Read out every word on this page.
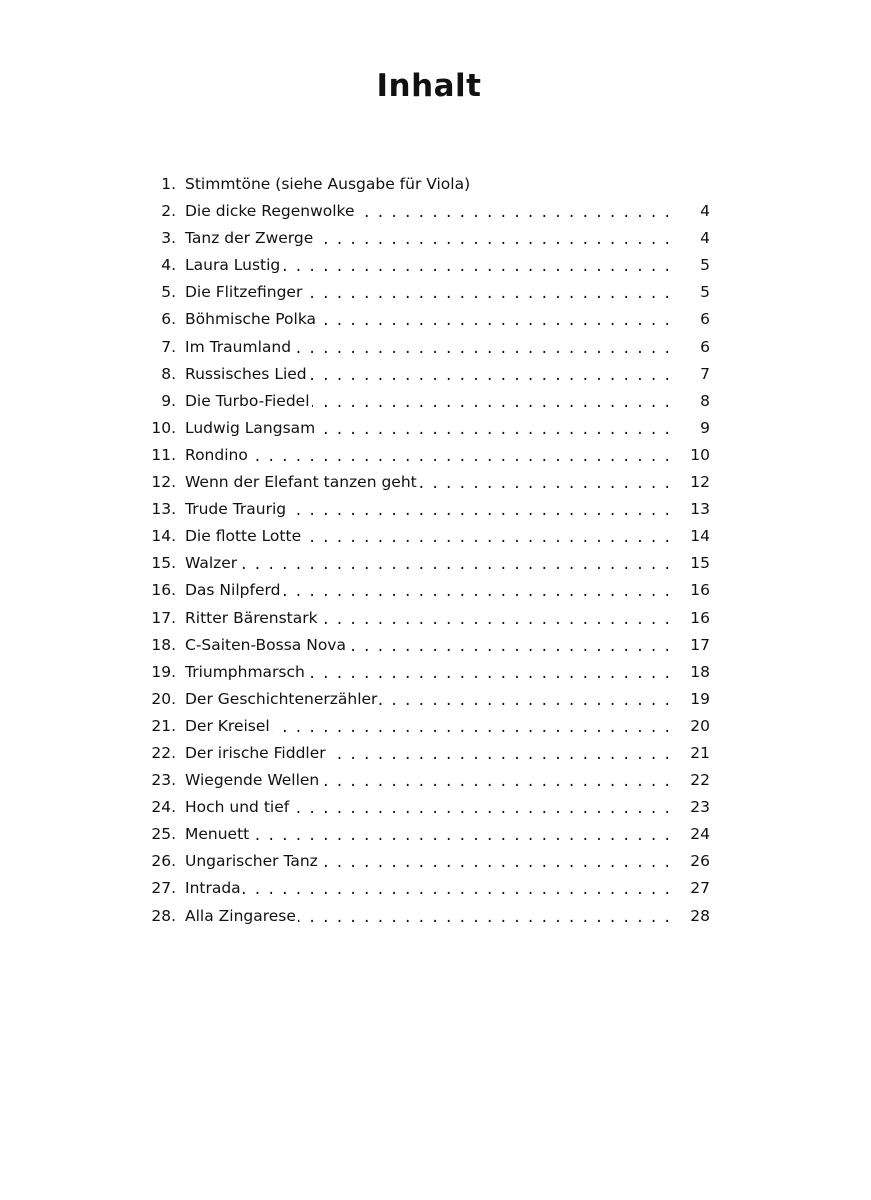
Inhalt
1. Stimmtöne (siehe Ausgabe für Viola)
2. . . . Die dicke Regenwolke	4
3. . . . Tanz der Zwerge	4
4. . . . Laura Lustig	5
5. . . . Die Flitzefinger	5
6. . . . Böhmische Polka	6
7. . . . Im Traumland	6
8. . . . Russisches Lied	7
9. . . . Die Turbo-Fiedel	8
10. . . . Ludwig Langsam	9
11. . . . Rondino	10
12. . . . Wenn der Elefant tanzen geht	12
13. . . . Trude Traurig	13
14. . . . Die flotte Lotte	14
15. . . . Walzer	15
16. . . . Das Nilpferd	16
17. . . . Ritter Bärenstark	16
18. . . . C-Saiten-Bossa Nova	17
19. . . . Triumphmarsch	18
20. . . . Der Geschichtenerzähler	19
21. . . . Der Kreisel	20
22. . . . Der irische Fiddler	21
23. . . . Wiegende Wellen	22
24. . . . Hoch und tief	23
25. . . . Menuett	24
26. . . . Ungarischer Tanz	26
27. . . . Intrada	27
28. . . . Alla Zingarese	28
